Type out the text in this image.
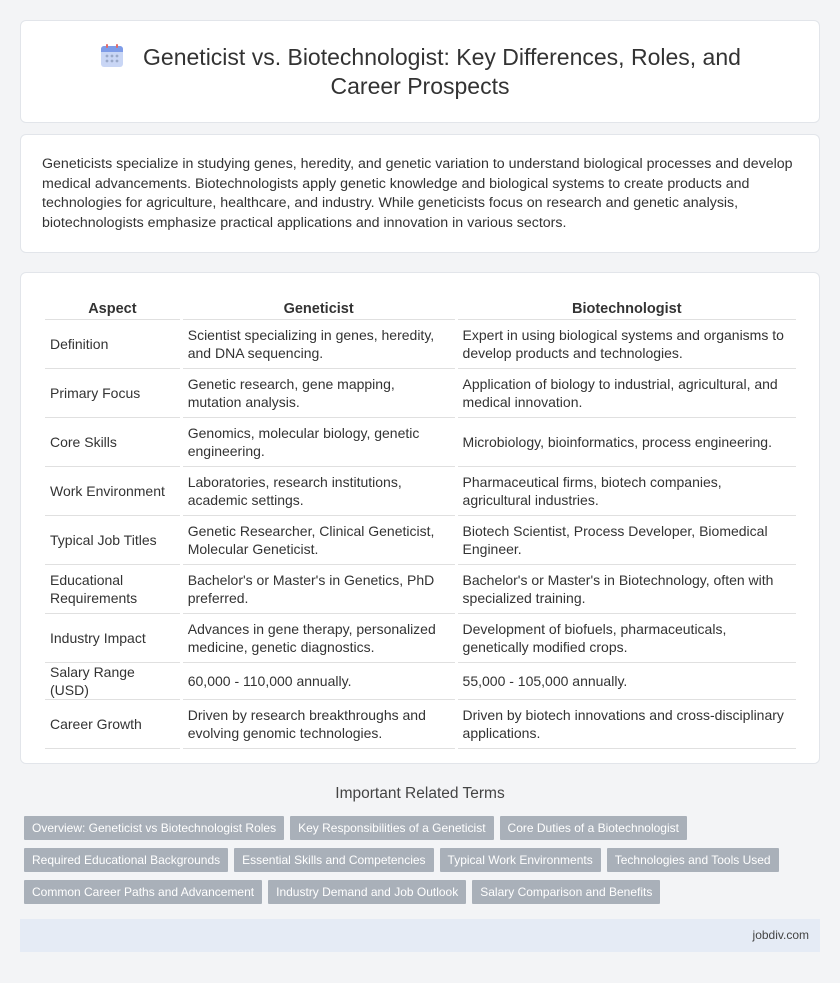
Geneticist vs. Biotechnologist: Key Differences, Roles, and Career Prospects

Geneticists specialize in studying genes, heredity, and genetic variation to understand biological processes and develop medical advancements. Biotechnologists apply genetic knowledge and biological systems to create products and technologies for agriculture, healthcare, and industry. While geneticists focus on research and genetic analysis, biotechnologists emphasize practical applications and innovation in various sectors.

Aspect	Geneticist	Biotechnologist
Definition	Scientist specializing in genes, heredity, and DNA sequencing.	Expert in using biological systems and organisms to develop products and technologies.
Primary Focus	Genetic research, gene mapping, mutation analysis.	Application of biology to industrial, agricultural, and medical innovation.
Core Skills	Genomics, molecular biology, genetic engineering.	Microbiology, bioinformatics, process engineering.
Work Environment	Laboratories, research institutions, academic settings.	Pharmaceutical firms, biotech companies, agricultural industries.
Typical Job Titles	Genetic Researcher, Clinical Geneticist, Molecular Geneticist.	Biotech Scientist, Process Developer, Biomedical Engineer.
Educational Requirements	Bachelor's or Master's in Genetics, PhD preferred.	Bachelor's or Master's in Biotechnology, often with specialized training.
Industry Impact	Advances in gene therapy, personalized medicine, genetic diagnostics.	Development of biofuels, pharmaceuticals, genetically modified crops.
Salary Range (USD)	60,000 - 110,000 annually.	55,000 - 105,000 annually.
Career Growth	Driven by research breakthroughs and evolving genomic technologies.	Driven by biotech innovations and cross-disciplinary applications.
Important Related Terms
Overview: Geneticist vs Biotechnologist Roles Key Responsibilities of a Geneticist Core Duties of a Biotechnologist
Required Educational Backgrounds Essential Skills and Competencies Typical Work Environments Technologies and Tools Used
Common Career Paths and Advancement Industry Demand and Job Outlook Salary Comparison and Benefits
jobdiv.com
